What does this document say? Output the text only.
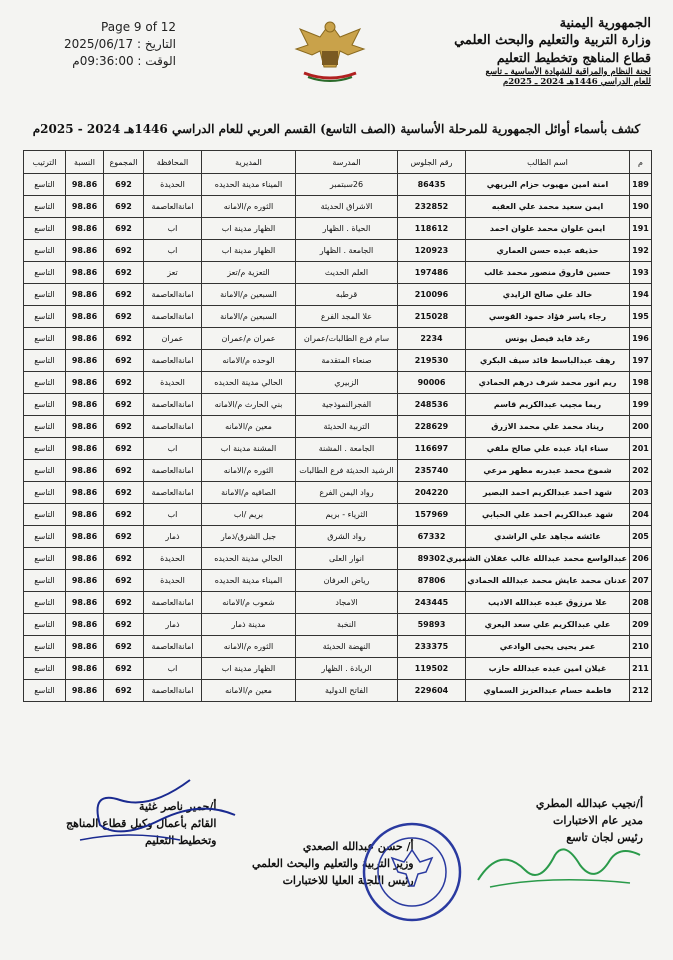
الجمهورية اليمنية
وزارة التربية والتعليم والبحث العلمي
قطاع المناهج وتخطيط التعليم
لجنة النظام والمراقبة للشهادة الأساسية ـ تاسع
للعام الدراسي 1446هـ 2024 ـ 2025م
Page 9 of 12
التاريخ : 2025/06/17
الوقت : 09:36:00م
كشف بأسماء أوائل الجمهورية للمرحلة الأساسية (الصف التاسع) القسم العربي للعام الدراسي 1446هـ 2024 - 2025م
م	اسم الطالب	رقم الجلوس	المدرسة	المديرية	المحافظة	المجموع	النسبة	الترتيب
189	امنة امين مهيوب حزام البريهي	86435	26سبتمبر	الميناء مدينة الحديده	الحديدة	692	98.86	التاسع
190	ايمن سعيد محمد علي العقبه	232852	الاشراق الحديثة	الثوره م/الامانه	امانةالعاصمة	692	98.86	التاسع
191	ايمن علوان محمد علوان احمد	118612	الحياة . الظهار	الظهار مدينة اب	اب	692	98.86	التاسع
192	حذيفه عبده حسن العماري	120923	الجامعة . الظهار	الظهار مدينة اب	اب	692	98.86	التاسع
193	حسين فاروق منصور محمد غالب	197486	العلم الحديث	التعزية م/تعز	تعز	692	98.86	التاسع
194	خالد علي صالح الزايدي	210096	قرطبه	السبعين م/الامانة	امانةالعاصمة	692	98.86	التاسع
195	رجاء ياسر فؤاد حمود القوسي	215028	علا المجد الفرع	السبعين م/الامانة	امانةالعاصمة	692	98.86	التاسع
196	رغد فايد فيصل يونس	2234	سام فرع الطالبات/عمران	عمران م/عمران	عمران	692	98.86	التاسع
197	رهف عبدالباسط قائد سيف البكري	219530	صنعاء المتقدمة	الوحده م/الامانه	امانةالعاصمة	692	98.86	التاسع
198	ريم انور محمد شرف درهم الحمادي	90006	الزبيري	الحالي مدينة الحديده	الحديدة	692	98.86	التاسع
199	ريما مجيب عبدالكريم قاسم	248536	الفجرالنموذجية	بني الحارث م/الامانه	امانةالعاصمة	692	98.86	التاسع
200	ريناد محمد علي محمد الازرق	228629	التربية الحديثة	معين م/الامانه	امانةالعاصمة	692	98.86	التاسع
201	سناء اياد عبده علي صالح ملفي	116697	الجامعة . المشنة	المشنة مدينة اب	اب	692	98.86	التاسع
202	شموخ محمد عبدربه مطهر مرعي	235740	الرشيد الحديثة فرع الطالبات	الثوره م/الامانه	امانةالعاصمة	692	98.86	التاسع
203	شهد احمد عبدالكريم احمد البصير	204220	رواد اليمن الفرع	الصافيه م/الامانة	امانةالعاصمة	692	98.86	التاسع
204	شهد عبدالكريم احمد علي الحبابي	157969	الثرياء - بريم	بريم /اب	اب	692	98.86	التاسع
205	عائشه مجاهد علي الراشدي	67332	رواد الشرق	جبل الشرق/ذمار	ذمار	692	98.86	التاسع
206	عبدالواسع محمد عبدالله غالب عقلان الشميري	89302	انوار العلى	الحالي مدينة الحديده	الحديدة	692	98.86	التاسع
207	عدنان محمد عايش محمد عبدالله الحمادي	87806	رياض العرفان	الميناء مدينة الحديده	الحديدة	692	98.86	التاسع
208	علا مرزوق عبده عبدالله الاديب	243445	الامجاد	شعوب م/الامانه	امانةالعاصمة	692	98.86	التاسع
209	علي عبدالكريم علي سعد اليعري	59893	النخبة	مدينة ذمار	ذمار	692	98.86	التاسع
210	عمر يحيى يحيى الوادعي	233375	النهضة الحديثة	الثوره م/الامانه	امانةالعاصمة	692	98.86	التاسع
211	غيلان امين عبده عبدالله حازب	119502	الريادة . الظهار	الظهار مدينة اب	اب	692	98.86	التاسع
212	فاطمة حسام عبدالعزيز السماوي	229604	الفاتح الدولية	معين م/الامانه	امانةالعاصمة	692	98.86	التاسع
أ/نجيب عبدالله المطري
مدير عام الاختبارات
رئيس لجان تاسع
أ/ حسن عبدالله الصعدي
وزير التربية والتعليم والبحث العلمي
رئيس اللجنة العليا للاختبارات
أ/حمير ناصر غثية
القائم بأعمال وكيل قطاع المناهج
وتخطيط التعليم
